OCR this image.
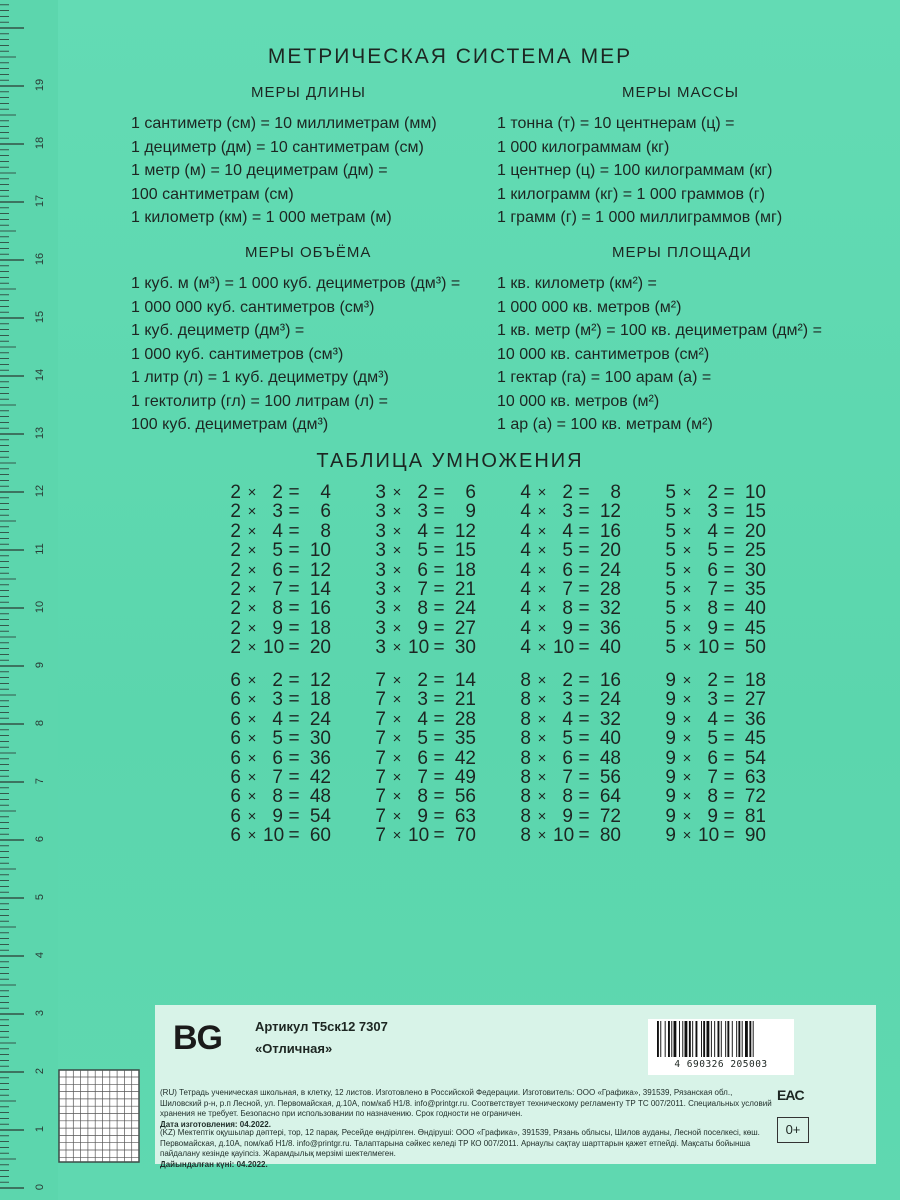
19
18
17
16
15
14
13
12
11
10
9
8
7
6
5
4
3
2
1
0
МЕТРИЧЕСКАЯ СИСТЕМА МЕР
МЕРЫ ДЛИНЫ	МЕРЫ МАССЫ
1 сантиметр (см) = 10 миллиметрам (мм)
1 дециметр (дм) = 10 сантиметрам (см)
1 метр (м) = 10 дециметрам (дм) =
100 сантиметрам (см)
1 километр (км) = 1 000 метрам (м)
1 тонна (т) = 10 центнерам (ц) =
1 000 килограммам (кг)
1 центнер (ц) = 100 килограммам (кг)
1 килограмм (кг) = 1 000 граммов (г)
1 грамм (г) = 1 000 миллиграммов (мг)
МЕРЫ ОБЪЁМА	МЕРЫ ПЛОЩАДИ
1 куб. м (м³) = 1 000 куб. дециметров (дм³) =
1 000 000 куб. сантиметров (см³)
1 куб. дециметр (дм³) =
1 000 куб. сантиметров (см³)
1 литр (л) = 1 куб. дециметру (дм³)
1 гектолитр (гл) = 100 литрам (л) =
100 куб. дециметрам (дм³)
1 кв. километр (км²) =
1 000 000 кв. метров (м²)
1 кв. метр (м²) = 100 кв. дециметрам (дм²) =
10 000 кв. сантиметров (см²)
1 гектар (га) = 100 арам (а) =
10 000 кв. метров (м²)
1 ар (а) = 100 кв. метрам (м²)
ТАБЛИЦА УМНОЖЕНИЯ
2 × 2 =	4
2 × 3 =	6
2 × 4 =	8
2 × 5 = 10
2 × 6 = 12
2 × 7 = 14
2 × 8 = 16
2 × 9 = 18
2 × 10 = 20
3 × 2 =	6
3 × 3 =	9
3 × 4 = 12
3 × 5 = 15
3 × 6 = 18
3 × 7 = 21
3 × 8 = 24
3 × 9 = 27
3 × 10 = 30
4 × 2 =	8
4 × 3 = 12
4 × 4 = 16
4 × 5 = 20
4 × 6 = 24
4 × 7 = 28
4 × 8 = 32
4 × 9 = 36
4 × 10 = 40
5 × 2 = 10
5 × 3 = 15
5 × 4 = 20
5 × 5 = 25
5 × 6 = 30
5 × 7 = 35
5 × 8 = 40
5 × 9 = 45
5 × 10 = 50
6 × 2 = 12
6 × 3 = 18
6 × 4 = 24
6 × 5 = 30
6 × 6 = 36
6 × 7 = 42
6 × 8 = 48
6 × 9 = 54
6 × 10 = 60
7 × 2 = 14
7 × 3 = 21
7 × 4 = 28
7 × 5 = 35
7 × 6 = 42
7 × 7 = 49
7 × 8 = 56
7 × 9 = 63
7 × 10 = 70
8 × 2 = 16
8 × 3 = 24
8 × 4 = 32
8 × 5 = 40
8 × 6 = 48
8 × 7 = 56
8 × 8 = 64
8 × 9 = 72
8 × 10 = 80
9 × 2 = 18
9 × 3 = 27
9 × 4 = 36
9 × 5 = 45
9 × 6 = 54
9 × 7 = 63
9 × 8 = 72
9 × 9 = 81
9 × 10 = 90
BG	Артикул Т5ск12 7307
«Отличная»
4 690326 205003
(RU) Тетрадь ученическая школьная, в клетку, 12 листов. Изготовлено в Российской Федерации. Изготовитель: ООО «Графика», 391539, Рязанская обл., Шиловский р-н, р.п Лесной, ул. Первомайская, д.10А, пом/каб Н1/8. info@printgr.ru. Соответствует техническому регламенту ТР ТС 007/2011. Специальных условий хранения не требует. Безопасно при использовании по назначению. Срок годности не ограничен.
Дата изготовления: 04.2022.
(KZ) Мектептік оқушылар дәптері, тор, 12 парақ. Ресейде өндірілген. Өндіруші: ООО «Графика», 391539, Рязань облысы, Шилов ауданы, Лесной поселкесі, көш. Первомайская, д.10А, пом/каб Н1/8. info@printgr.ru. Талаптарына сәйкес келеді ТР КО 007/2011. Арнаулы сақтау шарттарын қажет етпейді. Мақсаты бойынша пайдалану кезінде қауіпсіз. Жарамдылық мерзімі шектелмеген.
Дайындалған күні: 04.2022.
EAC
0+
